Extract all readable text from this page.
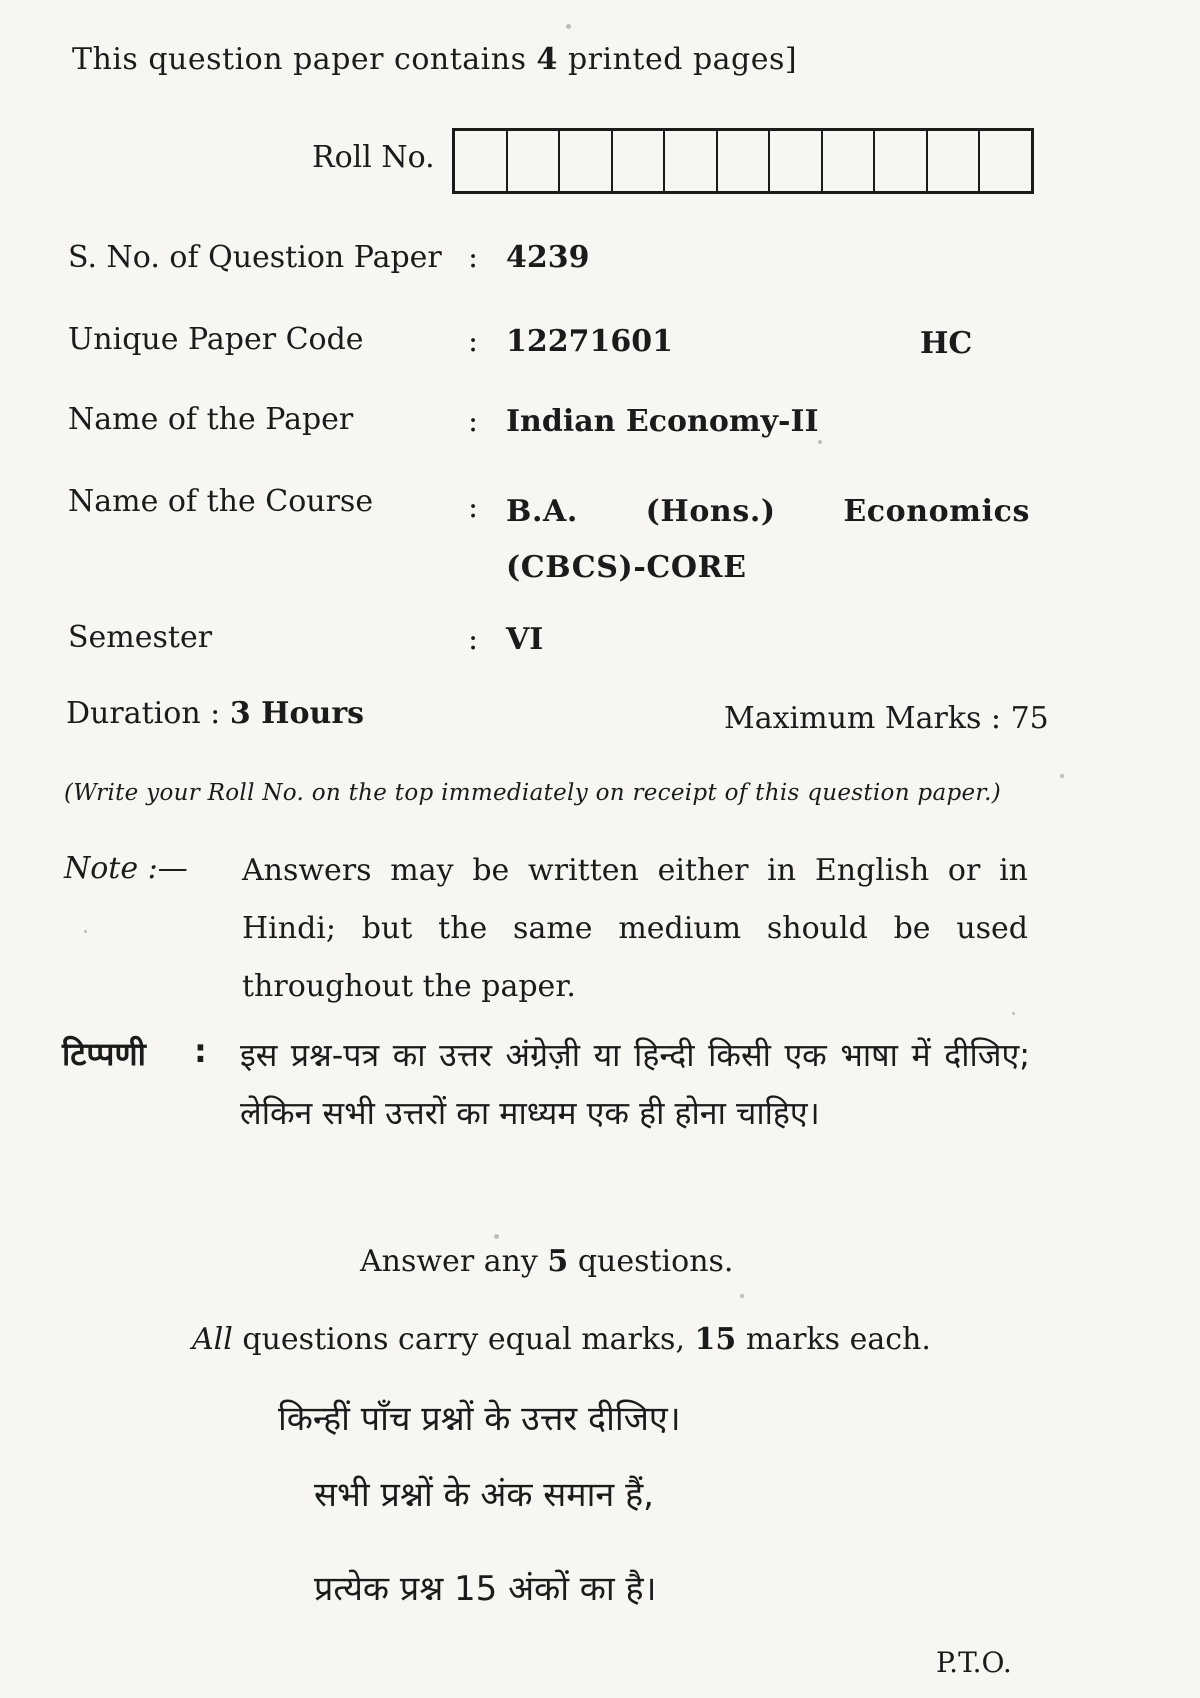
This question paper contains 4 printed pages]
Roll No.
S. No. of Question Paper : 4239
Unique Paper Code	: 12271601	HC
Name of the Paper	: Indian Economy-II
Name of the Course	: B.A. (Hons.) Economics (CBCS)-CORE
Semester	: VI
Duration : 3 Hours	Maximum Marks : 75
(Write your Roll No. on the top immediately on receipt of this question paper.)
Note :— Answers may be written either in English or in Hindi; but the same medium should be used throughout the paper.
टिप्पणी : इस प्रश्न-पत्र का उत्तर अंग्रेज़ी या हिन्दी किसी एक भाषा में दीजिए; लेकिन सभी उत्तरों का माध्यम एक ही होना चाहिए।
Answer any 5 questions.
All questions carry equal marks, 15 marks each.
किन्हीं पाँच प्रश्नों के उत्तर दीजिए।
सभी प्रश्नों के अंक समान हैं,
प्रत्येक प्रश्न 15 अंकों का है।
P.T.O.
